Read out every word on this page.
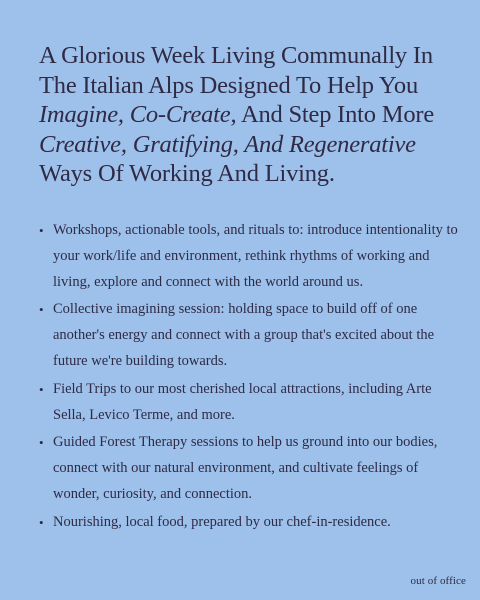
A Glorious Week Living Communally In The Italian Alps Designed To Help You Imagine, Co-Create, And Step Into More Creative, Gratifying, And Regenerative Ways Of Working And Living.
• Workshops, actionable tools, and rituals to: introduce intentionality to your work/life and environment, rethink rhythms of working and living, explore and connect with the world around us.
• Collective imagining session: holding space to build off of one another's energy and connect with a group that's excited about the future we're building towards.
• Field Trips to our most cherished local attractions, including Arte Sella, Levico Terme, and more.
• Guided Forest Therapy sessions to help us ground into our bodies, connect with our natural environment, and cultivate feelings of wonder, curiosity, and connection.
• Nourishing, local food, prepared by our chef-in-residence.
out of office
